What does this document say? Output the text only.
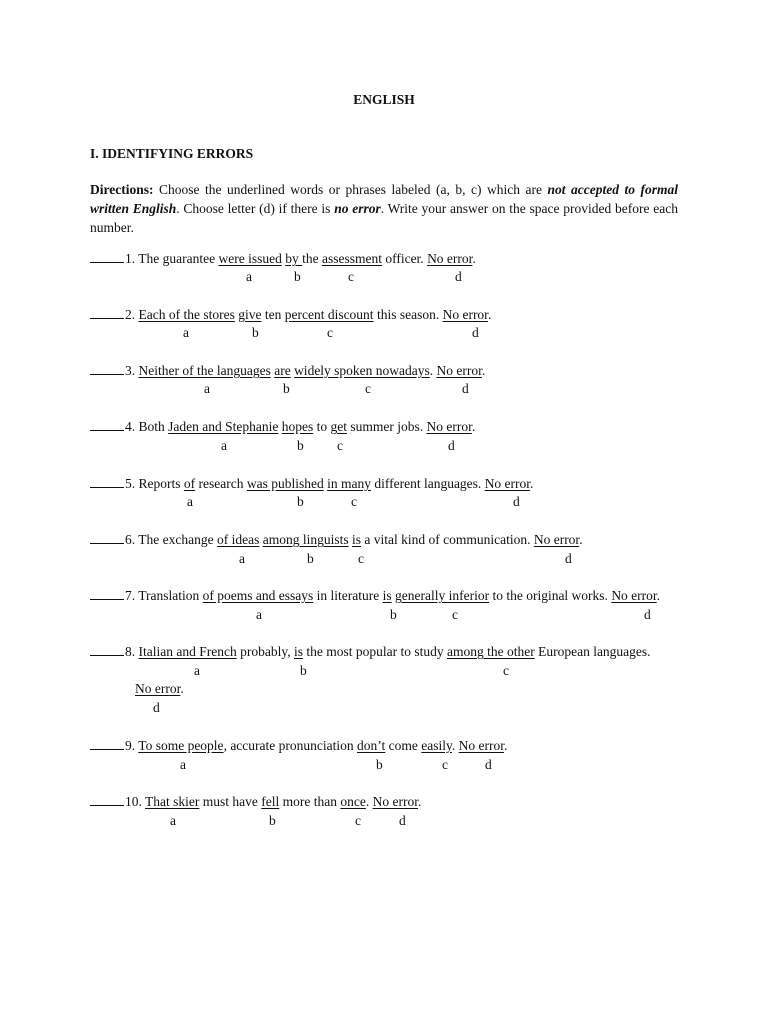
ENGLISH
I. IDENTIFYING ERRORS
Directions: Choose the underlined words or phrases labeled (a, b, c) which are not accepted to formal written English. Choose letter (d) if there is no error. Write your answer on the space provided before each number.
1. The guarantee were issued by the assessment officer. No error.
a	b	c	d
2. Each of the stores give ten percent discount this season. No error.
a	b	c	d
3. Neither of the languages are widely spoken nowadays. No error.
a	b	c	d
4. Both Jaden and Stephanie hopes to get summer jobs. No error.
a	b c	d
5. Reports of research was published in many different languages. No error.
a	b	c	d
6. The exchange of ideas among linguists is a vital kind of communication. No error.
a	b	c	d
7. Translation of poems and essays in literature is generally inferior to the original works. No error.
a	b	c	d
8. Italian and French probably, is the most popular to study among the other European languages.
a	b	c
No error.
d
9. To some people, accurate pronunciation don’t come easily. No error.
a	b	c	d
10. That skier must have fell more than once. No error.
a	b	c	d
